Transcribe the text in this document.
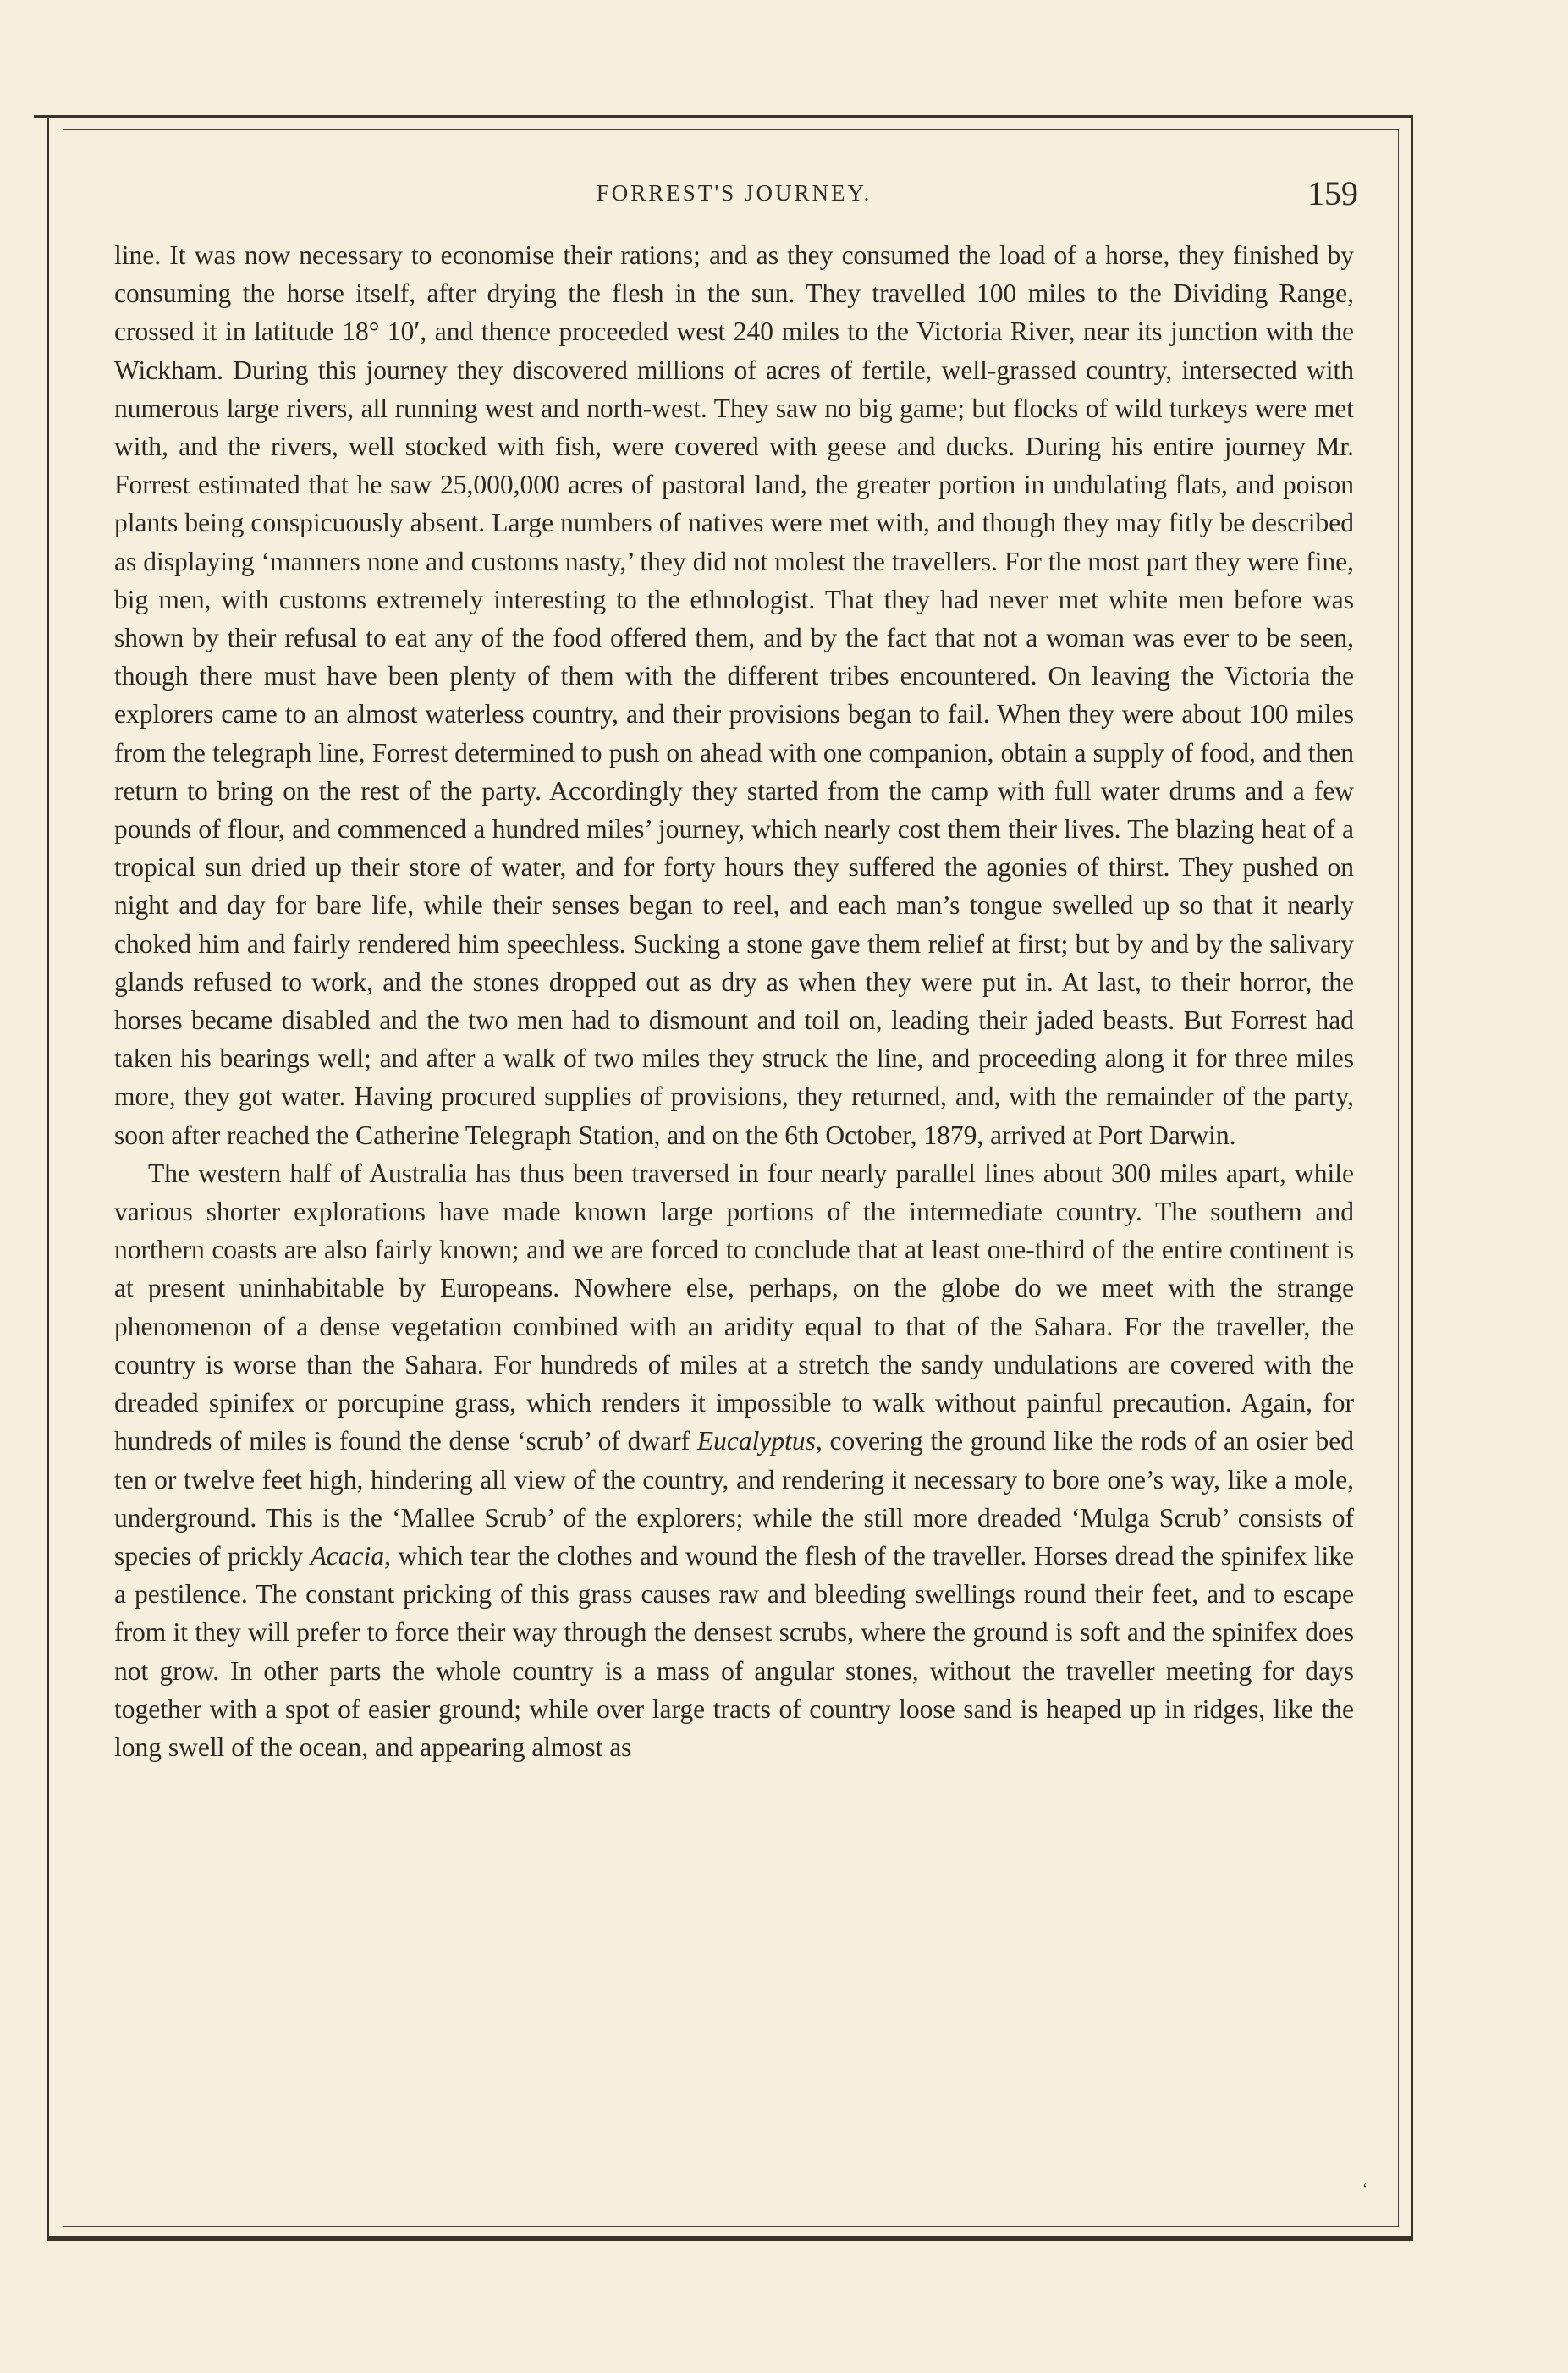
FORREST'S JOURNEY.	159

line. It was now necessary to economise their rations; and as they consumed the load of a horse, they finished by consuming the horse itself, after drying the flesh in the sun. They travelled 100 miles to the Dividing Range, crossed it in latitude 18° 10′, and thence proceeded west 240 miles to the Victoria River, near its junction with the Wickham. During this journey they discovered millions of acres of fertile, well-grassed country, intersected with numerous large rivers, all running west and north-west. They saw no big game; but flocks of wild turkeys were met with, and the rivers, well stocked with fish, were covered with geese and ducks. During his entire journey Mr. Forrest estimated that he saw 25,000,000 acres of pastoral land, the greater portion in undulating flats, and poison plants being conspicuously absent. Large numbers of natives were met with, and though they may fitly be described as displaying ‘manners none and customs nasty,’ they did not molest the travellers. For the most part they were fine, big men, with customs extremely interesting to the ethnologist. That they had never met white men before was shown by their refusal to eat any of the food offered them, and by the fact that not a woman was ever to be seen, though there must have been plenty of them with the different tribes encountered. On leaving the Victoria the explorers came to an almost waterless country, and their provisions began to fail. When they were about 100 miles from the telegraph line, Forrest determined to push on ahead with one companion, obtain a supply of food, and then return to bring on the rest of the party. Accordingly they started from the camp with full water drums and a few pounds of flour, and commenced a hundred miles’ journey, which nearly cost them their lives. The blazing heat of a tropical sun dried up their store of water, and for forty hours they suffered the agonies of thirst. They pushed on night and day for bare life, while their senses began to reel, and each man’s tongue swelled up so that it nearly choked him and fairly rendered him speechless. Sucking a stone gave them relief at first; but by and by the salivary glands refused to work, and the stones dropped out as dry as when they were put in. At last, to their horror, the horses became disabled and the two men had to dismount and toil on, leading their jaded beasts. But Forrest had taken his bearings well; and after a walk of two miles they struck the line, and proceeding along it for three miles more, they got water. Having procured supplies of provisions, they returned, and, with the remainder of the party, soon after reached the Catherine Telegraph Station, and on the 6th October, 1879, arrived at Port Darwin.

The western half of Australia has thus been traversed in four nearly parallel lines about 300 miles apart, while various shorter explorations have made known large portions of the intermediate country. The southern and northern coasts are also fairly known; and we are forced to conclude that at least one-third of the entire continent is at present uninhabitable by Europeans. Nowhere else, perhaps, on the globe do we meet with the strange phenomenon of a dense vegetation combined with an aridity equal to that of the Sahara. For the traveller, the country is worse than the Sahara. For hundreds of miles at a stretch the sandy undulations are covered with the dreaded spinifex or porcupine grass, which renders it impossible to walk without painful precaution. Again, for hundreds of miles is found the dense ‘scrub’ of dwarf Eucalyptus, covering the ground like the rods of an osier bed ten or twelve feet high, hindering all view of the country, and rendering it necessary to bore one’s way, like a mole, underground. This is the ‘Mallee Scrub’ of the explorers; while the still more dreaded ‘Mulga Scrub’ consists of species of prickly Acacia, which tear the clothes and wound the flesh of the traveller. Horses dread the spinifex like a pestilence. The constant pricking of this grass causes raw and bleeding swellings round their feet, and to escape from it they will prefer to force their way through the densest scrubs, where the ground is soft and the spinifex does not grow. In other parts the whole country is a mass of angular stones, without the traveller meeting for days together with a spot of easier ground; while over large tracts of country loose sand is heaped up in ridges, like the long swell of the ocean, and appearing almost as

‘
